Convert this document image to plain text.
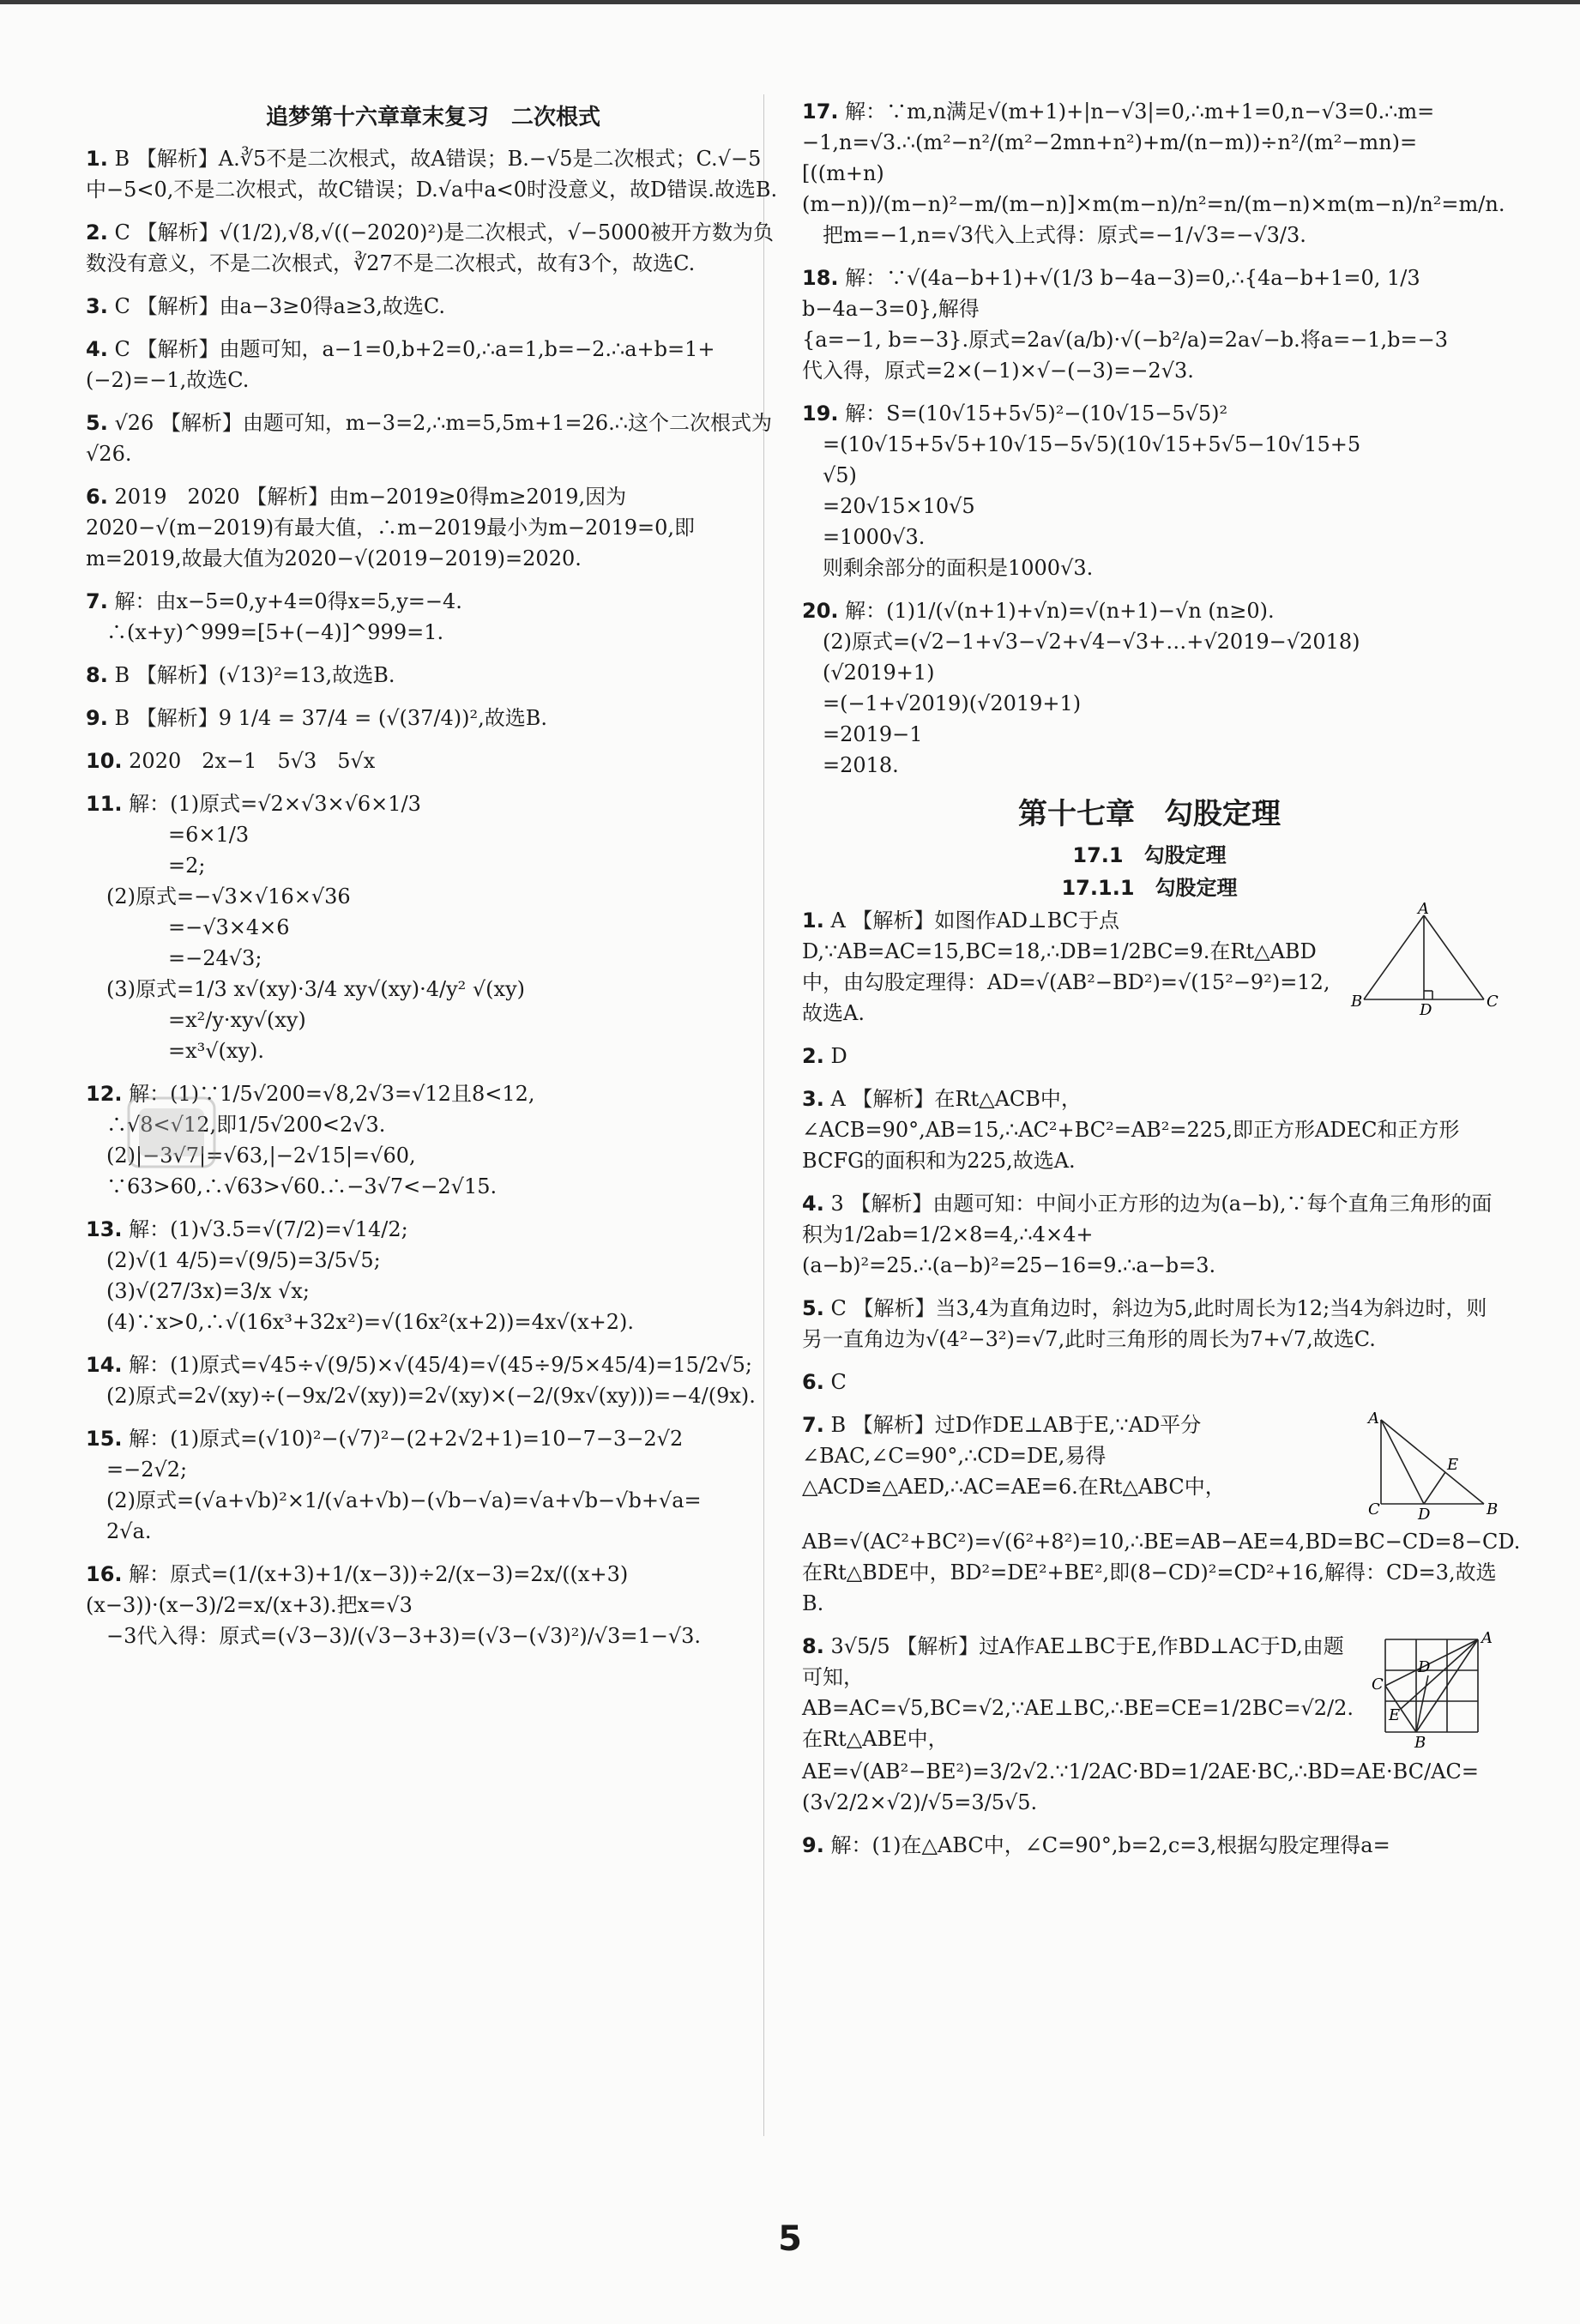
追梦第十六章章末复习　二次根式
1. B 【解析】A.∛5不是二次根式，故A错误；B.−√5是二次根式；C.√−5中−5<0,不是二次根式，故C错误；D.√a中a<0时没意义，故D错误.故选B.
2. C 【解析】√(1/2),√8,√((−2020)²)是二次根式，√−5000被开方数为负数没有意义，不是二次根式，∛27不是二次根式，故有3个，故选C.
3. C 【解析】由a−3≥0得a≥3,故选C.
4. C 【解析】由题可知，a−1=0,b+2=0,∴a=1,b=−2.∴a+b=1+(−2)=−1,故选C.
5. √26 【解析】由题可知，m−3=2,∴m=5,5m+1=26.∴这个二次根式为√26.
6. 2019　2020 【解析】由m−2019≥0得m≥2019,因为2020−√(m−2019)有最大值，∴m−2019最小为m−2019=0,即m=2019,故最大值为2020−√(2019−2019)=2020.
7. 解：由x−5=0,y+4=0得x=5,y=−4.
　∴(x+y)^999=[5+(−4)]^999=1.
8. B 【解析】(√13)²=13,故选B.
9. B 【解析】9 1/4 = 37/4 = (√(37/4))²,故选B.
10. 2020　2x−1　5√3　5√x
11. 解：(1)原式=√2×√3×√6×1/3
　　　　=6×1/3
　　　　=2;
　(2)原式=−√3×√16×√36
　　　　=−√3×4×6
　　　　=−24√3;
　(3)原式=1/3 x√(xy)·3/4 xy√(xy)·4/y² √(xy)
　　　　=x²/y·xy√(xy)
　　　　=x³√(xy).
12. 解：(1)∵1/5√200=√8,2√3=√12且8<12,
　∴√8<√12,即1/5√200<2√3.
　(2)|−3√7|=√63,|−2√15|=√60,
　∵63>60,∴√63>√60.∴−3√7<−2√15.
13. 解：(1)√3.5=√(7/2)=√14/2;
　(2)√(1 4/5)=√(9/5)=3/5√5;
　(3)√(27/3x)=3/x √x;
　(4)∵x>0,∴√(16x³+32x²)=√(16x²(x+2))=4x√(x+2).
14. 解：(1)原式=√45÷√(9/5)×√(45/4)=√(45÷9/5×45/4)=15/2√5;
　(2)原式=2√(xy)÷(−9x/2√(xy))=2√(xy)×(−2/(9x√(xy)))=−4/(9x).
15. 解：(1)原式=(√10)²−(√7)²−(2+2√2+1)=10−7−3−2√2
　=−2√2;
　(2)原式=(√a+√b)²×1/(√a+√b)−(√b−√a)=√a+√b−√b+√a=
　2√a.
16. 解：原式=(1/(x+3)+1/(x−3))÷2/(x−3)=2x/((x+3)(x−3))·(x−3)/2=x/(x+3).把x=√3
　−3代入得：原式=(√3−3)/(√3−3+3)=(√3−(√3)²)/√3=1−√3.
17. 解：∵m,n满足√(m+1)+|n−√3|=0,∴m+1=0,n−√3=0.∴m=
−1,n=√3.∴(m²−n²/(m²−2mn+n²)+m/(n−m))÷n²/(m²−mn)=
[((m+n)(m−n))/(m−n)²−m/(m−n)]×m(m−n)/n²=n/(m−n)×m(m−n)/n²=m/n.
　把m=−1,n=√3代入上式得：原式=−1/√3=−√3/3.
18. 解：∵√(4a−b+1)+√(1/3 b−4a−3)=0,∴{4a−b+1=0, 1/3 b−4a−3=0},解得
{a=−1, b=−3}.原式=2a√(a/b)·√(−b²/a)=2a√−b.将a=−1,b=−3
代入得，原式=2×(−1)×√−(−3)=−2√3.
19. 解：S=(10√15+5√5)²−(10√15−5√5)²
　=(10√15+5√5+10√15−5√5)(10√15+5√5−10√15+5
　√5)
　=20√15×10√5
　=1000√3.
　则剩余部分的面积是1000√3.
20. 解：(1)1/(√(n+1)+√n)=√(n+1)−√n (n≥0).
　(2)原式=(√2−1+√3−√2+√4−√3+…+√2019−√2018)
　(√2019+1)
　=(−1+√2019)(√2019+1)
　=2019−1
　=2018.
第十七章　勾股定理
17.1　勾股定理
17.1.1　勾股定理
A
B	D	C
1. A 【解析】如图作AD⊥BC于点D,∵AB=AC=15,BC=18,∴DB=1/2BC=9.在Rt△ABD中，由勾股定理得：AD=√(AB²−BD²)=√(15²−9²)=12,故选A.
2. D
3. A 【解析】在Rt△ACB中，∠ACB=90°,AB=15,∴AC²+BC²=AB²=225,即正方形ADEC和正方形BCFG的面积和为225,故选A.
4. 3 【解析】由题可知：中间小正方形的边为(a−b),∵每个直角三角形的面积为1/2ab=1/2×8=4,∴4×4+(a−b)²=25.∴(a−b)²=25−16=9.∴a−b=3.
5. C 【解析】当3,4为直角边时，斜边为5,此时周长为12;当4为斜边时，则另一直角边为√(4²−3²)=√7,此时三角形的周长为7+√7,故选C.
6. C
A
E
C D	B
7. B 【解析】过D作DE⊥AB于E,∵AD平分∠BAC,∠C=90°,∴CD=DE,易得△ACD≌△AED,∴AC=AE=6.在Rt△ABC中，AB=√(AC²+BC²)=√(6²+8²)=10,∴BE=AB−AE=4,BD=BC−CD=8−CD.在Rt△BDE中，BD²=DE²+BE²,即(8−CD)²=CD²+16,解得：CD=3,故选B.
A
C
D
E
B
8. 3√5/5 【解析】过A作AE⊥BC于E,作BD⊥AC于D,由题可知，AB=AC=√5,BC=√2,∵AE⊥BC,∴BE=CE=1/2BC=√2/2.在Rt△ABE中，AE=√(AB²−BE²)=3/2√2.∵1/2AC·BD=1/2AE·BC,∴BD=AE·BC/AC=(3√2/2×√2)/√5=3/5√5.
9. 解：(1)在△ABC中，∠C=90°,b=2,c=3,根据勾股定理得a=
5
